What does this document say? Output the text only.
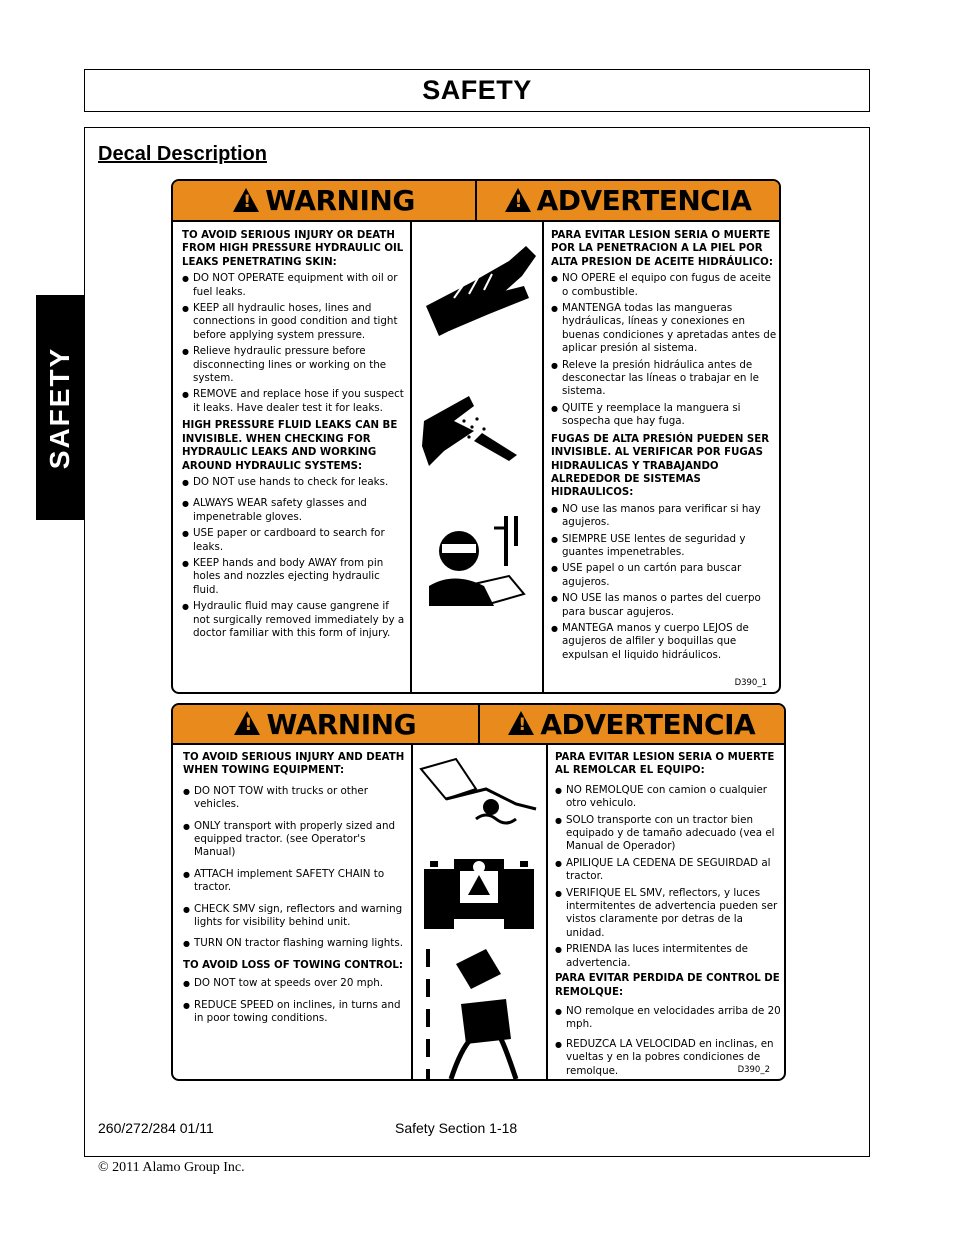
SAFETY
SAFETY
Decal Description
!
WARNING !	ADVERTENCIA
TO AVOID SERIOUS INJURY OR DEATH FROM HIGH PRESSURE HYDRAULIC OIL LEAKS PENETRATING SKIN:
● DO NOT OPERATE equipment with oil or fuel leaks.
● KEEP all hydraulic hoses, lines and connections in good condition and tight before applying system pressure.
● Relieve hydraulic pressure before disconnecting lines or working on the system.
● REMOVE and replace hose if you suspect it leaks. Have dealer test it for leaks.
HIGH PRESSURE FLUID LEAKS CAN BE INVISIBLE. WHEN CHECKING FOR HYDRAULIC LEAKS AND WORKING AROUND HYDRAULIC SYSTEMS:
● DO NOT use hands to check for leaks.
● ALWAYS WEAR safety glasses and impenetrable gloves.
● USE paper or cardboard to search for leaks.
● KEEP hands and body AWAY from pin holes and nozzles ejecting hydraulic fluid.
● Hydraulic fluid may cause gangrene if not surgically removed immediately by a doctor familiar with this form of injury.
PARA EVITAR LESION SERIA O MUERTE POR LA PENETRACION A LA PIEL POR ALTA PRESION DE ACEITE HIDRÁULICO:
● NO OPERE el equipo con fugus de aceite o combustible.
● MANTENGA todas las mangueras hydráulicas, líneas y conexiones en buenas condiciones y apretadas antes de aplicar presión al sistema.
● Releve la presión hidráulica antes de desconectar las líneas o trabajar en le sistema.
● QUITE y reemplace la manguera si sospecha que hay fuga.
FUGAS DE ALTA PRESIÓN PUEDEN SER INVISIBLE. AL VERIFICAR POR FUGAS HIDRAULICAS Y TRABAJANDO ALREDEDOR DE SISTEMAS HIDRAULICOS:
● NO use las manos para verificar si hay agujeros.
● SIEMPRE USE lentes de seguridad y guantes impenetrables.
● USE papel o un cartón para buscar agujeros.
● NO USE las manos o partes del cuerpo para buscar agujeros.
● MANTEGA manos y cuerpo LEJOS de agujeros de alfiler y boquillas que expulsan el liquido hidráulicos.
D390_1
!
WARNING !	ADVERTENCIA
TO AVOID SERIOUS INJURY AND DEATH WHEN TOWING EQUIPMENT:
● DO NOT TOW with trucks or other vehicles.
● ONLY transport with properly sized and equipped tractor. (see Operator's Manual)
● ATTACH implement SAFETY CHAIN to tractor.
● CHECK SMV sign, reflectors and warning lights for visibility behind unit.
● TURN ON tractor flashing warning lights.
TO AVOID LOSS OF TOWING CONTROL:
● DO NOT tow at speeds over 20 mph.
● REDUCE SPEED on inclines, in turns and in poor towing conditions.
PARA EVITAR LESION SERIA O MUERTE AL REMOLCAR EL EQUIPO:
● NO REMOLQUE con camion o cualquier otro vehiculo.
● SOLO transporte con un tractor bien equipado y de tamaño adecuado (vea el Manual de Operador)
● APILIQUE LA CEDENA DE SEGUIRDAD al tractor.
● VERIFIQUE EL SMV, reflectors, y luces intermitentes de advertencia pueden ser vistos claramente por detras de la unidad.
● PRIENDA las luces intermitentes de advertencia.
PARA EVITAR PERDIDA DE CONTROL DE REMOLQUE:
● NO remolque en velocidades arriba de 20 mph.
● REDUZCA LA VELOCIDAD en inclinas, en vueltas y en la pobres condiciones de remolque.	D390_2
260/272/284 01/11	Safety Section 1-18
© 2011 Alamo Group Inc.
